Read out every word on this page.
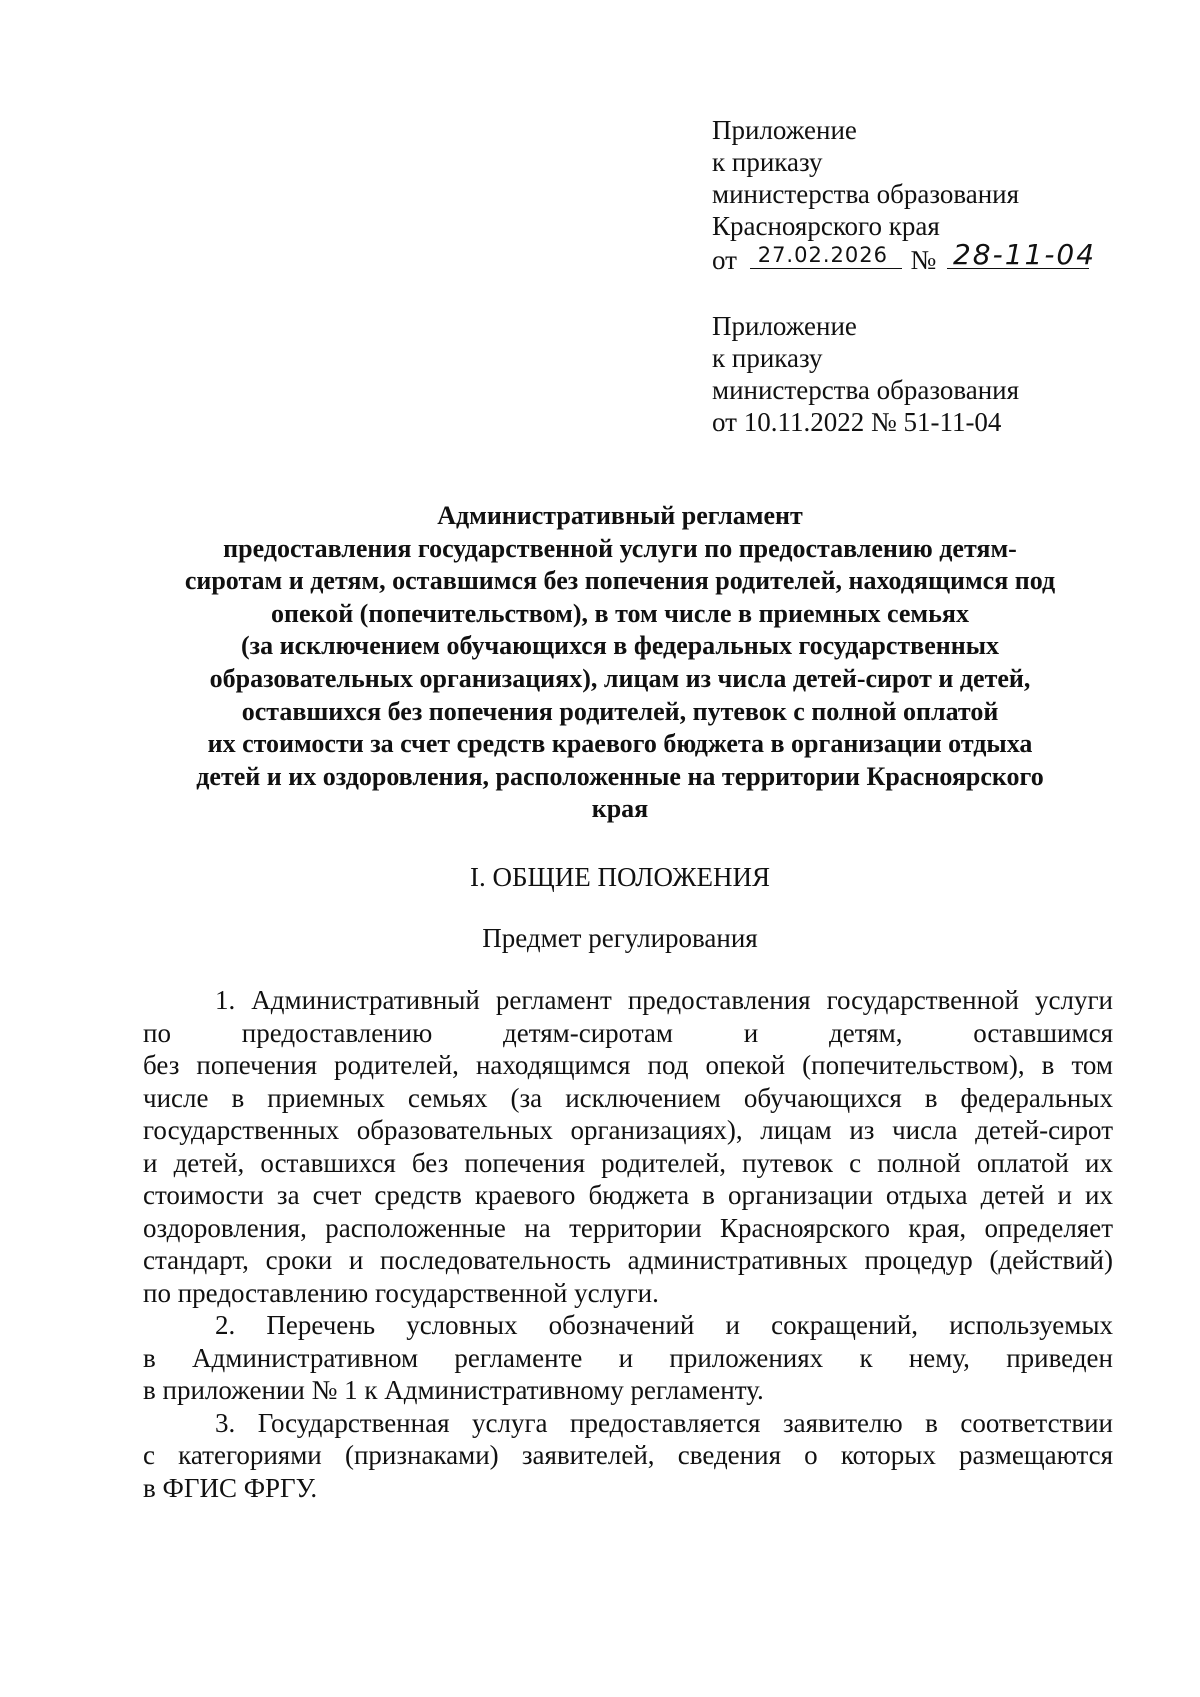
Приложение
к приказу
министерства образования
Красноярского края
от 27.02.2026 № 28-11-04
Приложение
к приказу
министерства образования
от 10.11.2022 № 51-11-04
Административный регламент
предоставления государственной услуги по предоставлению детям-
сиротам и детям, оставшимся без попечения родителей, находящимся под
опекой (попечительством), в том числе в приемных семьях
(за исключением обучающихся в федеральных государственных
образовательных организациях), лицам из числа детей-сирот и детей,
оставшихся без попечения родителей, путевок с полной оплатой
их стоимости за счет средств краевого бюджета в организации отдыха
детей и их оздоровления, расположенные на территории Красноярского
края
I. ОБЩИЕ ПОЛОЖЕНИЯ
Предмет регулирования
1. Административный регламент предоставления государственной услуги
по предоставлению детям-сиротам и детям, оставшимся
без попечения родителей, находящимся под опекой (попечительством), в том
числе в приемных семьях (за исключением обучающихся в федеральных
государственных образовательных организациях), лицам из числа детей-сирот
и детей, оставшихся без попечения родителей, путевок с полной оплатой их
стоимости за счет средств краевого бюджета в организации отдыха детей и их
оздоровления, расположенные на территории Красноярского края, определяет
стандарт, сроки и последовательность административных процедур (действий)
по предоставлению государственной услуги.
2. Перечень условных обозначений и сокращений, используемых
в Административном регламенте и приложениях к нему, приведен
в приложении № 1 к Административному регламенту.
3. Государственная услуга предоставляется заявителю в соответствии
с категориями (признаками) заявителей, сведения о которых размещаются
в ФГИС ФРГУ.
